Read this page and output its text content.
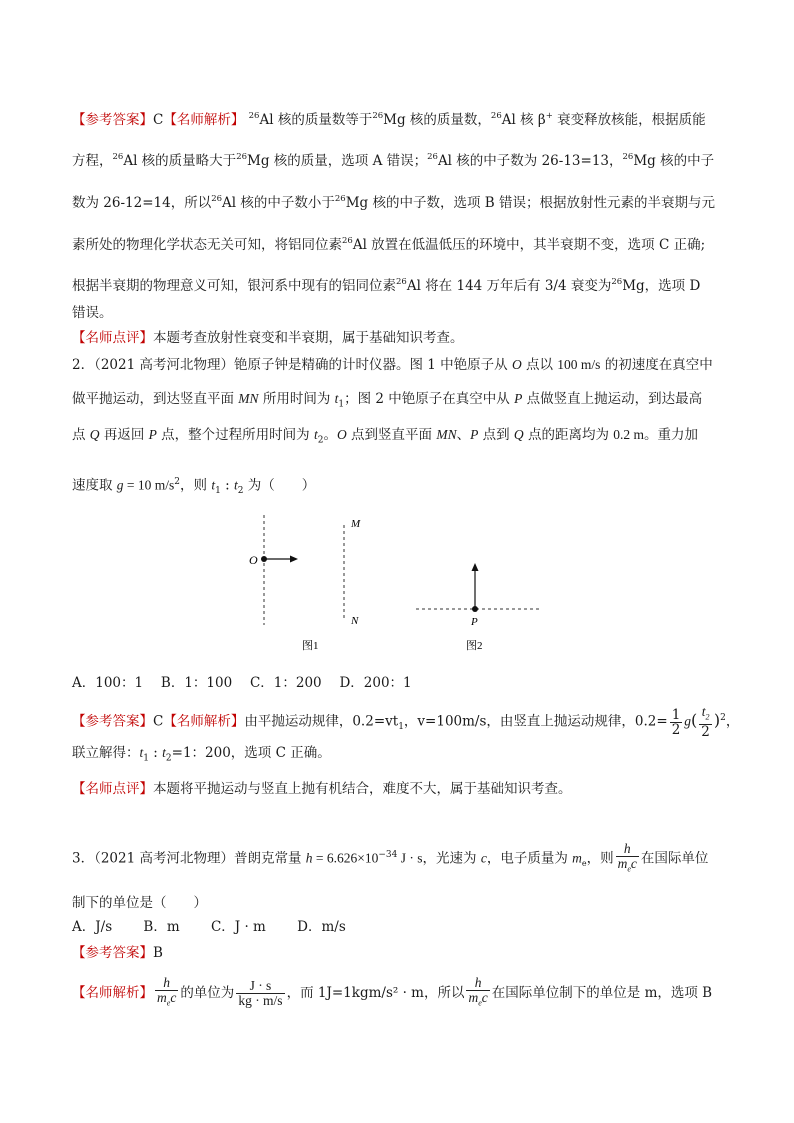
【参考答案】C【名师解析】 $^{26}$Al 核的质量数等于$^{26}$Mg 核的质量数，$^{26}$Al 核 β+ 衰变释放核能，根据质能
方程，$^{26}$Al 核的质量略大于$^{26}$Mg 核的质量，选项 A 错误；$^{26}$Al 核的中子数为 26-13=13，$^{26}$Mg 核的中子
数为 26-12=14，所以$^{26}$Al 核的中子数小于$^{26}$Mg 核的中子数，选项 B 错误；根据放射性元素的半衰期与元
素所处的物理化学状态无关可知，将铝同位素$^{26}$Al 放置在低温低压的环境中，其半衰期不变，选项 C 正确;
根据半衰期的物理意义可知，银河系中现有的铝同位素$^{26}$Al 将在 144 万年后有 3/4 衰变为$^{26}$Mg，选项 D
错误。
【名师点评】本题考查放射性衰变和半衰期，属于基础知识考查。
2．（2021 高考河北物理）铯原子钟是精确的计时仪器。图 1 中铯原子从 O 点以 100 m/s 的初速度在真空中
做平抛运动，到达竖直平面 MN 所用时间为 $t_1$；图 2 中铯原子在真空中从 P 点做竖直上抛运动，到达最高
点 Q 再返回 P 点，整个过程所用时间为 $t_2$。O 点到竖直平面 MN、P 点到 Q 点的距离均为 0.2 m。重力加
速度取 g = 10 $m/s^2$，则 $t_1$ : $t_2$ 为（　　）
O
M
N	P
图1	图2
A．100：1　 B．1：100　 C．1：200　 D．200：1
【参考答案】C【名师解析】由平抛运动规律，$0.2=vt_1$，v=100m/s，由竖直上抛运动规律，$0.2= \frac{1}{2} g( \frac{t_2}{2} )^2$，
联立解得：$t_1$ : $t_2=1$：200，选项 C 正确。
【名师点评】本题将平抛运动与竖直上抛有机结合，难度不大，属于基础知识考查。
3．（2021 高考河北物理）普朗克常量 $h = 6.626\times 10^{-34}$ J · s，光速为 c，电子质量为 $m_e$，则 $\frac{h}{m_ec}$ 在国际单位
制下的单位是（　　）
A．J/s　　 B．m　　 C．J · m　　 D．m/s
【参考答案】B
【名师解析】 $\frac{h}{m_ec}$ 的单位为 $\frac{J \cdot s}{kg \cdot m/s}$ ，而 1J=1kgm/s² · m，所以 $\frac{h}{m_ec}$ 在国际单位制下的单位是 m，选项 B
